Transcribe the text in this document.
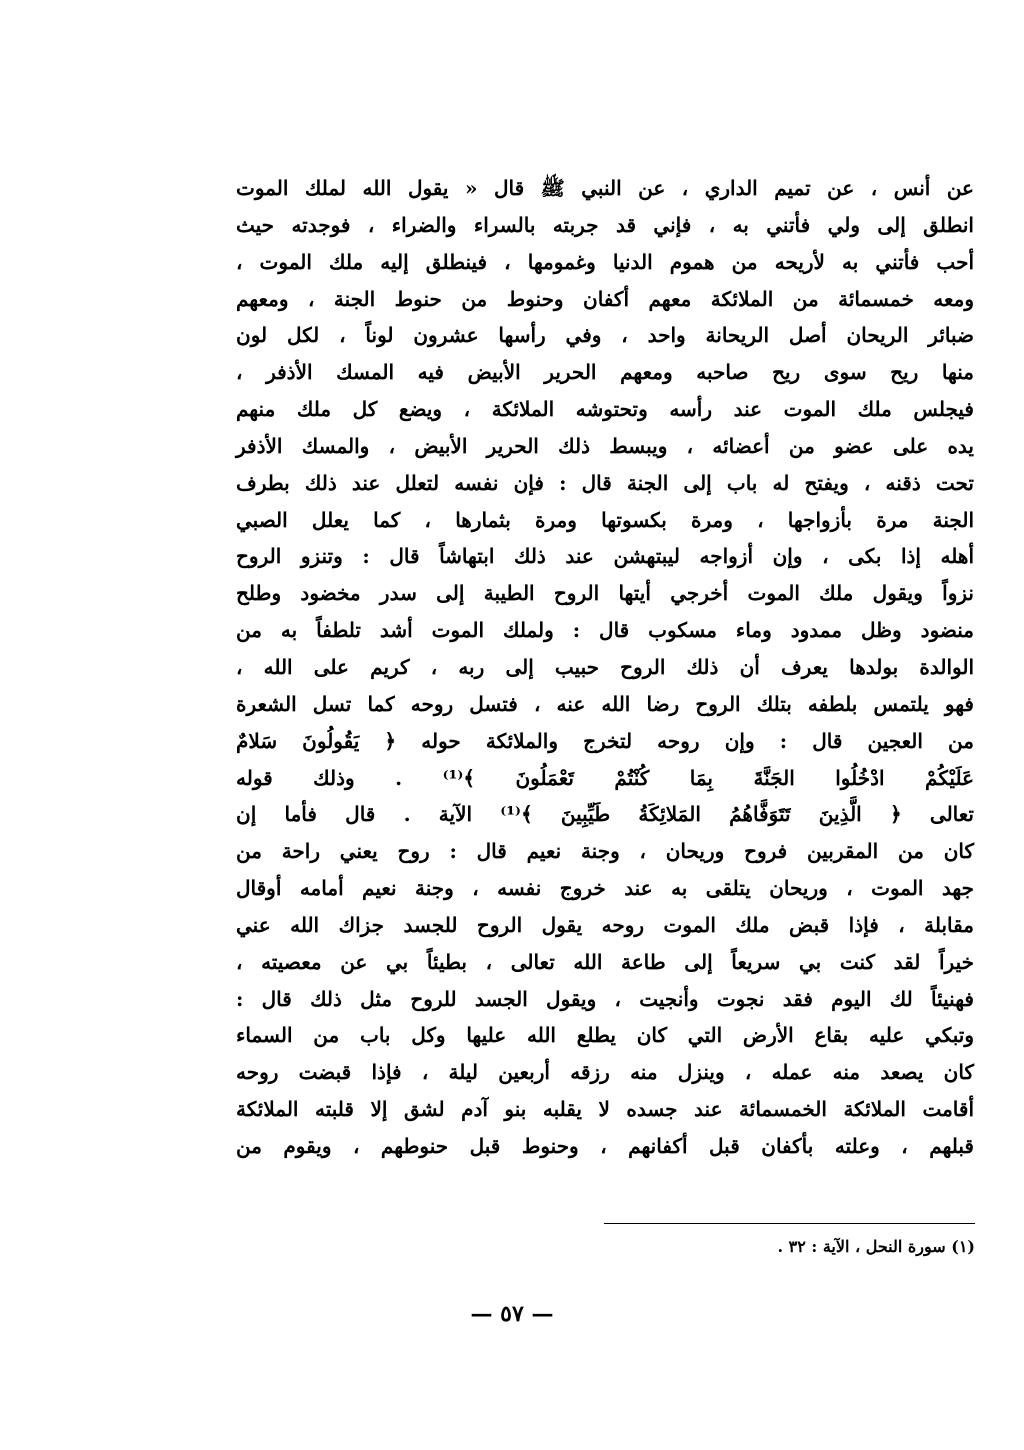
عن أنس ، عن تميم الداري ، عن النبي ﷺ قال « يقول الله لملك الموت
انطلق إلى ولي فأتني به ، فإني قد جربته بالسراء والضراء ، فوجدته حيث
أحب فأتني به لأريحه من هموم الدنيا وغمومها ، فينطلق إليه ملك الموت ،
ومعه خمسمائة من الملائكة معهم أكفان وحنوط من حنوط الجنة ، ومعهم
ضبائر الريحان أصل الريحانة واحد ، وفي رأسها عشرون لوناً ، لكل لون
منها ريح سوى ريح صاحبه ومعهم الحرير الأبيض فيه المسك الأذفر ،
فيجلس ملك الموت عند رأسه وتحتوشه الملائكة ، ويضع كل ملك منهم
يده على عضو من أعضائه ، ويبسط ذلك الحرير الأبيض ، والمسك الأذفر
تحت ذقنه ، ويفتح له باب إلى الجنة قال : فإن نفسه لتعلل عند ذلك بطرف
الجنة مرة بأزواجها ، ومرة بكسوتها ومرة بثمارها ، كما يعلل الصبي
أهله إذا بكى ، وإن أزواجه ليبتهشن عند ذلك ابتهاشاً قال : وتنزو الروح
نزواً ويقول ملك الموت أخرجي أيتها الروح الطيبة إلى سدر مخضود وطلح
منضود وظل ممدود وماء مسكوب قال : ولملك الموت أشد تلطفاً به من
الوالدة بولدها يعرف أن ذلك الروح حبيب إلى ربه ، كريم على الله ،
فهو يلتمس بلطفه بتلك الروح رضا الله عنه ، فتسل روحه كما تسل الشعرة
من العجين قال : وإن روحه لتخرج والملائكة حوله ﴿ يَقُولُونَ سَلامٌ
عَلَيْكُمْ ادْخُلُوا الجَنَّةَ بِمَا كُنْتُمْ تَعْمَلُونَ ﴾⁽¹⁾ . وذلك قوله
تعالى ﴿ الَّذِينَ تَتَوَفَّاهُمُ المَلائِكَةُ طَيِّبِينَ ﴾⁽¹⁾ الآية . قال فأما إن
كان من المقربين فروح وريحان ، وجنة نعيم قال : روح يعني راحة من
جهد الموت ، وريحان يتلقى به عند خروج نفسه ، وجنة نعيم أمامه أوقال
مقابلة ، فإذا قبض ملك الموت روحه يقول الروح للجسد جزاك الله عني
خيراً لقد كنت بي سريعاً إلى طاعة الله تعالى ، بطيئاً بي عن معصيته ،
فهنيئاً لك اليوم فقد نجوت وأنجيت ، ويقول الجسد للروح مثل ذلك قال :
وتبكي عليه بقاع الأرض التي كان يطلع الله عليها وكل باب من السماء
كان يصعد منه عمله ، وينزل منه رزقه أربعين ليلة ، فإذا قبضت روحه
أقامت الملائكة الخمسمائة عند جسده لا يقلبه بنو آدم لشق إلا قلبته الملائكة
قبلهم ، وعلته بأكفان قبل أكفانهم ، وحنوط قبل حنوطهم ، ويقوم من
(١) سورة النحل ، الآية : ٣٢ .
— ٥٧ —
